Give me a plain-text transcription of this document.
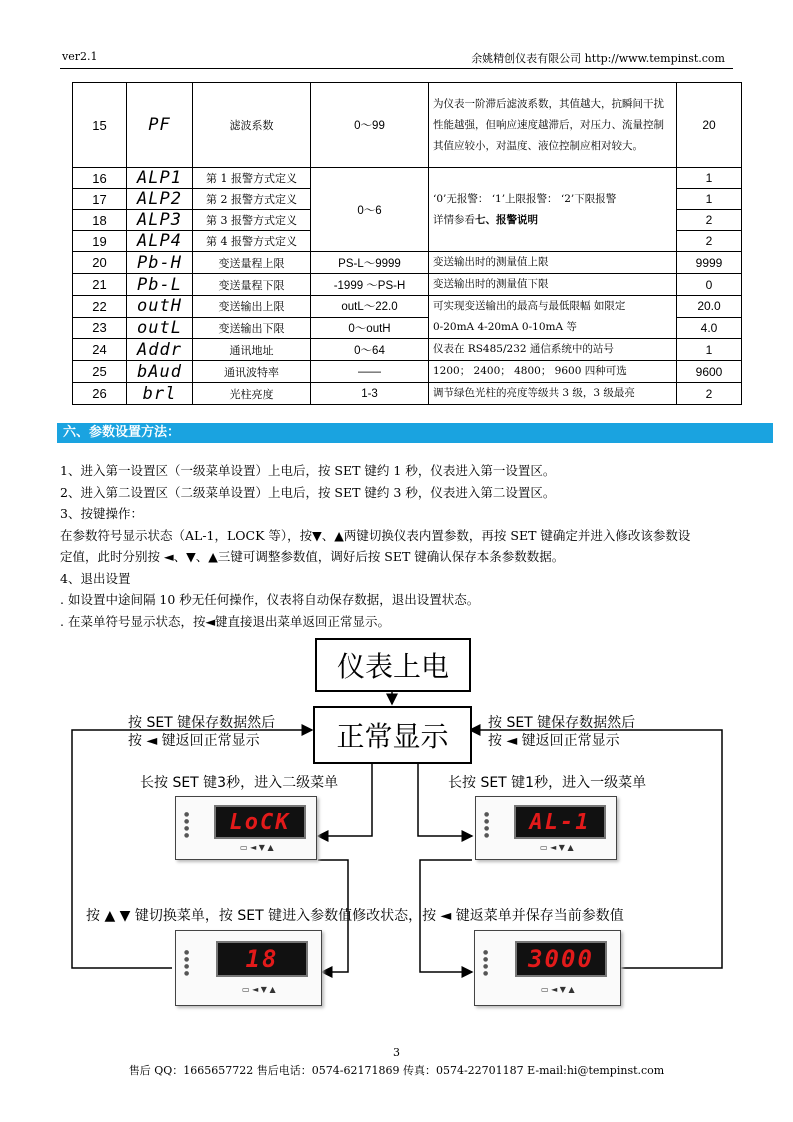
ver2.1	余姚精创仪表有限公司 http://www.tempinst.com
15	PF	滤波系数	0～99	为仪表一阶滞后滤波系数，其值越大，抗瞬间干扰性能越强，但响应速度越滞后，对压力、流量控制其值应较小，对温度、液位控制应相对较大。	20
16	ALP1	第 1 报警方式定义	0～6	‘0’无报警： ‘1’上限报警： ‘2’下限报警
详情参看七、报警说明	1
17	ALP2	第 2 报警方式定义			1
18	ALP3	第 3 报警方式定义			2
19	ALP4	第 4 报警方式定义			2
20	Pb-H	变送量程上限	PS-L～9999	变送输出时的测量值上限	9999
21	Pb-L	变送量程下限	-1999 ～PS-H	变送输出时的测量值下限	0
22	outH	变送输出上限	outL～22.0	可实现变送输出的最高与最低限幅 如限定
0-20mA 4-20mA 0-10mA 等	20.0
23	outL	变送输出下限	0～outH		4.0
24	Addr	通讯地址	0～64	仪表在 RS485/232 通信系统中的站号	1
25	bAud	通讯波特率	——	1200； 2400； 4800； 9600 四种可选	9600
26	brl	光柱亮度	1-3	调节绿色光柱的亮度等级共 3 级，3 级最亮	2
六、参数设置方法：

1、进入第一设置区（一级菜单设置）上电后，按 SET 键约 1 秒，仪表进入第一设置区。

2、进入第二设置区（二级菜单设置）上电后，按 SET 键约 3 秒，仪表进入第二设置区。

3、按键操作：

在参数符号显示状态（AL-1，LOCK 等），按▼、▲两键切换仪表内置参数，再按 SET 键确定并进入修改该参数设

定值，此时分别按 ◄、▼、▲三键可调整参数值，调好后按 SET 键确认保存本条参数数据。

4、退出设置

. 如设置中途间隔 10 秒无任何操作，仪表将自动保存数据，退出设置状态。

. 在菜单符号显示状态，按◄键直接退出菜单返回正常显示。

仪表上电
正常显示
按 SET 键保存数据然后
按 ◄ 键返回正常显示
按 SET 键保存数据然后
按 ◄ 键返回正常显示
长按 SET 键3秒，进入二级菜单	长按 SET 键1秒，进入一级菜单
●
●
●
●
LoCK
▭ ◄ ▼ ▲
●
●
●
●
AL-1
▭ ◄ ▼ ▲
按 ▲ ▼ 键切换菜单，按 SET 键进入参数值修改状态，按 ◄ 键返菜单并保存当前参数值
●
●
●
●
18
▭ ◄ ▼ ▲
●
●
●
●
3000
▭ ◄ ▼ ▲
3
售后 QQ：1665657722 售后电话：0574-62171869 传真：0574-22701187 E-mail:hi@tempinst.com
